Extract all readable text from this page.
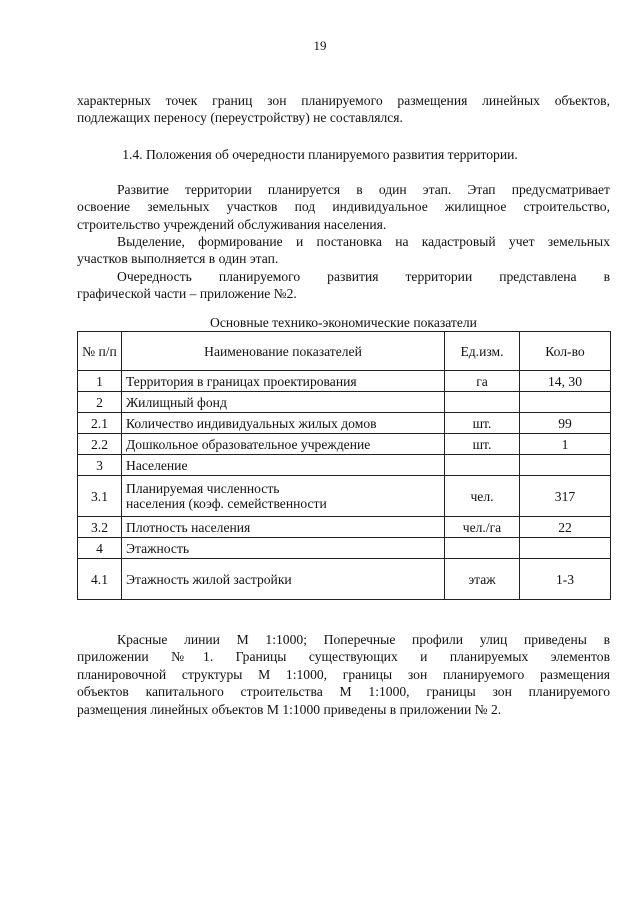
19
характерных точек границ зон планируемого размещения линейных объектов,
подлежащих переносу (переустройству) не составлялся.
1.4. Положения об очередности планируемого развития территории.
Развитие территории планируется в один этап. Этап предусматривает
освоение земельных участков под индивидуальное жилищное строительство,
строительство учреждений обслуживания населения.
Выделение, формирование и постановка на кадастровый учет земельных
участков выполняется в один этап.
Очередность планируемого развития территории представлена в
графической части – приложение №2.
Основные технико-экономические показатели
№ п/п	Наименование показателей	Ед.изм.	Кол-во
1	Территория в границах проектирования	га	14, 30
2	Жилищный фонд		
2.1	Количество индивидуальных жилых домов	шт.	99
2.2	Дошкольное образовательное учреждение	шт.	1
3	Население		
3.1	Планируемая численность
населения (коэф. семейственности	чел.	317
3.2	Плотность населения	чел./га	22
4	Этажность		
4.1	Этажность жилой застройки	этаж	1-3
Красные линии М 1:1000; Поперечные профили улиц приведены в
приложении №1. Границы существующих и планируемых элементов
планировочной структуры М 1:1000, границы зон планируемого размещения
объектов капитального строительства М 1:1000, границы зон планируемого
размещения линейных объектов М 1:1000 приведены в приложении № 2.
